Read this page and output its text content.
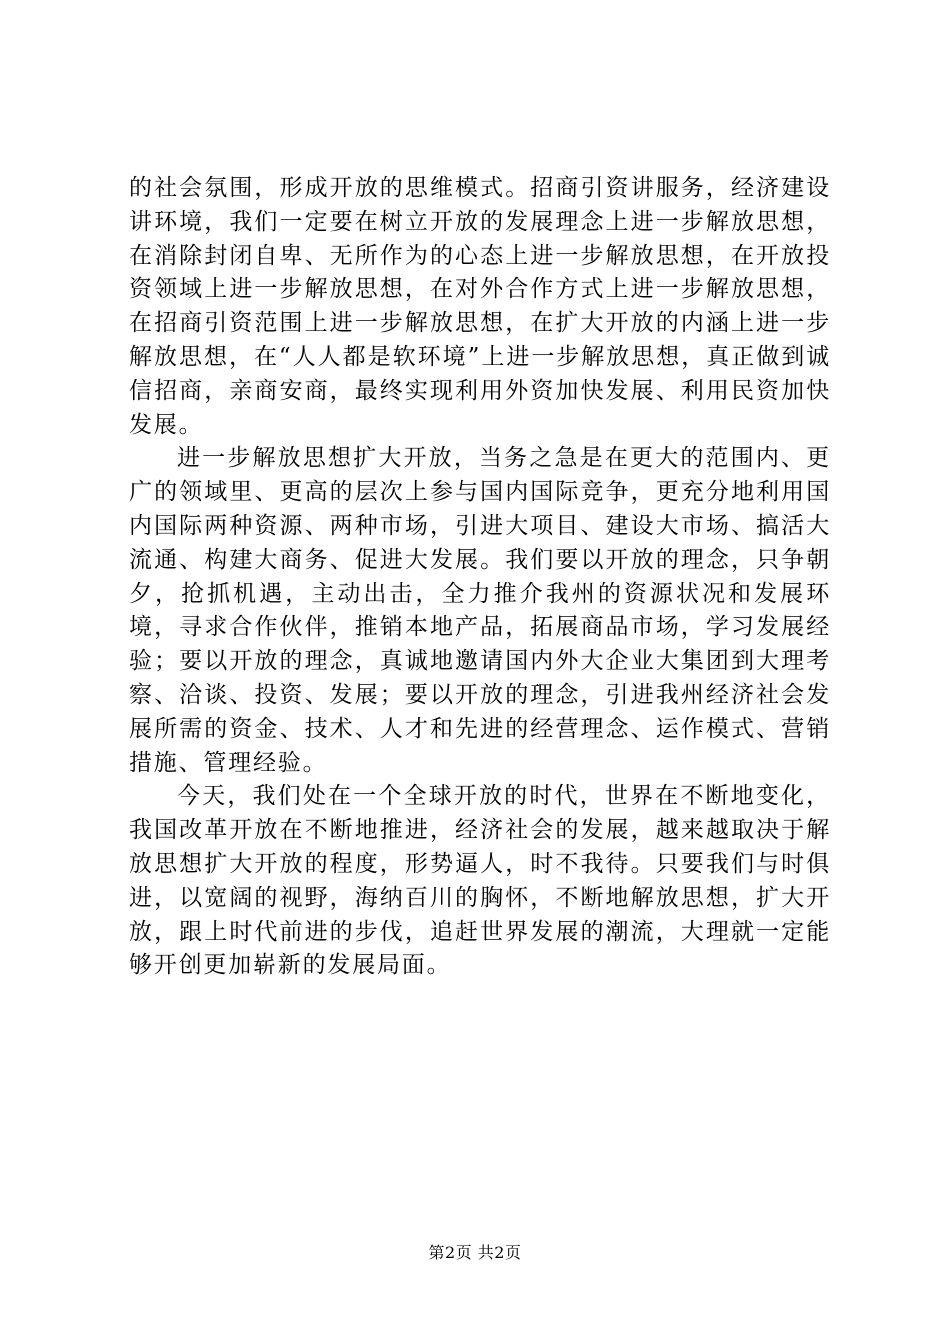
的社会氛围，形成开放的思维模式。招商引资讲服务，经济建设讲环境，我们一定要在树立开放的发展理念上进一步解放思想，在消除封闭自卑、无所作为的心态上进一步解放思想，在开放投资领域上进一步解放思想，在对外合作方式上进一步解放思想，在招商引资范围上进一步解放思想，在扩大开放的内涵上进一步解放思想，在“人人都是软环境”上进一步解放思想，真正做到诚信招商，亲商安商，最终实现利用外资加快发展、利用民资加快发展。

进一步解放思想扩大开放，当务之急是在更大的范围内、更广的领域里、更高的层次上参与国内国际竞争，更充分地利用国内国际两种资源、两种市场，引进大项目、建设大市场、搞活大流通、构建大商务、促进大发展。我们要以开放的理念，只争朝夕，抢抓机遇，主动出击，全力推介我州的资源状况和发展环境，寻求合作伙伴，推销本地产品，拓展商品市场，学习发展经验；要以开放的理念，真诚地邀请国内外大企业大集团到大理考察、洽谈、投资、发展；要以开放的理念，引进我州经济社会发展所需的资金、技术、人才和先进的经营理念、运作模式、营销措施、管理经验。

今天，我们处在一个全球开放的时代，世界在不断地变化，我国改革开放在不断地推进，经济社会的发展，越来越取决于解放思想扩大开放的程度，形势逼人，时不我待。只要我们与时俱进，以宽阔的视野，海纳百川的胸怀，不断地解放思想，扩大开放，跟上时代前进的步伐，追赶世界发展的潮流，大理就一定能够开创更加崭新的发展局面。

第2页 共2页
